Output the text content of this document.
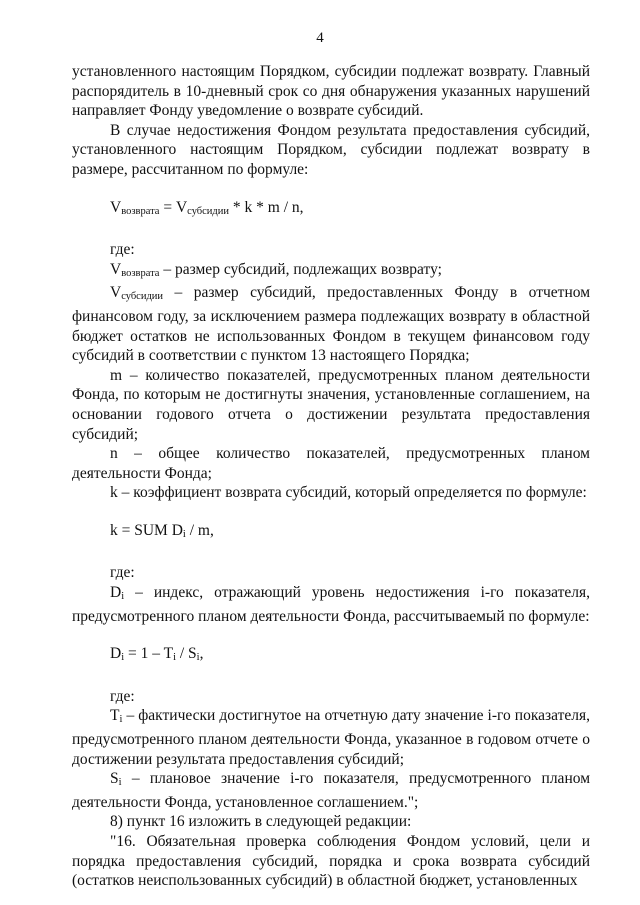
4

установленного настоящим Порядком, субсидии подлежат возврату. Главный распорядитель в 10-дневный срок со дня обнаружения указанных нарушений направляет Фонду уведомление о возврате субсидий.

В случае недостижения Фондом результата предоставления субсидий, установленного настоящим Порядком, субсидии подлежат возврату в размере, рассчитанном по формуле:

Vвозврата = Vсубсидии * k * m / n,

где:

Vвозврата – размер субсидий, подлежащих возврату;

Vсубсидии – размер субсидий, предоставленных Фонду в отчетном финансовом году, за исключением размера подлежащих возврату в областной бюджет остатков не использованных Фондом в текущем финансовом году субсидий в соответствии с пунктом 13 настоящего Порядка;

m – количество показателей, предусмотренных планом деятельности Фонда, по которым не достигнуты значения, установленные соглашением, на основании годового отчета о достижении результата предоставления субсидий;

n – общее количество показателей, предусмотренных планом деятельности Фонда;

k – коэффициент возврата субсидий, который определяется по формуле:

k = SUM Di / m,

где:

Di – индекс, отражающий уровень недостижения i-го показателя, предусмотренного планом деятельности Фонда, рассчитываемый по формуле:

Di = 1 – Ti / Si,

где:

Ti – фактически достигнутое на отчетную дату значение i-го показателя, предусмотренного планом деятельности Фонда, указанное в годовом отчете о достижении результата предоставления субсидий;

Si – плановое значение i-го показателя, предусмотренного планом деятельности Фонда, установленное соглашением.";

8) пункт 16 изложить в следующей редакции:

"16. Обязательная проверка соблюдения Фондом условий, цели и порядка предоставления субсидий, порядка и срока возврата субсидий (остатков неиспользованных субсидий) в областной бюджет, установленных
